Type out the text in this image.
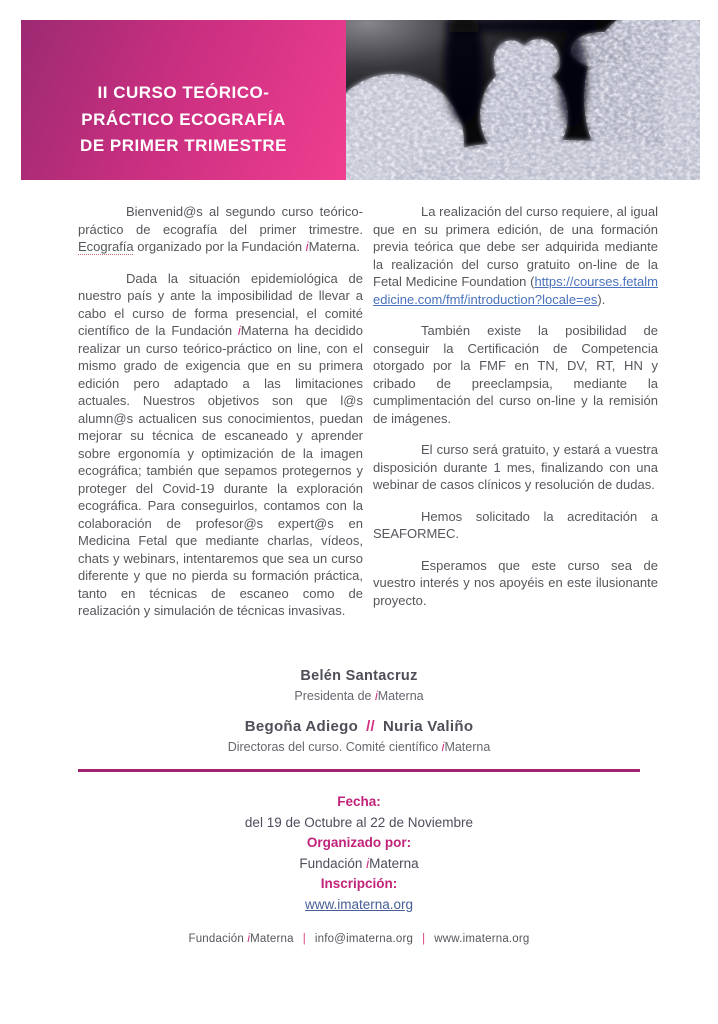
II CURSO TEÓRICO-
PRÁCTICO ECOGRAFÍA
DE PRIMER TRIMESTRE

Bienvenid@s al segundo curso teórico-práctico de ecografía del primer trimestre. Ecografía organizado por la Fundación iMaterna.

Dada la situación epidemiológica de nuestro país y ante la imposibilidad de llevar a cabo el curso de forma presencial, el comité científico de la Fundación iMaterna ha decidido realizar un curso teórico-práctico on line, con el mismo grado de exigencia que en su primera edición pero adaptado a las limitaciones actuales. Nuestros objetivos son que l@s alumn@s actualicen sus conocimientos, puedan mejorar su técnica de escaneado y aprender sobre ergonomía y optimización de la imagen ecográfica; también que sepamos protegernos y proteger del Covid-19 durante la exploración ecográfica. Para conseguirlos, contamos con la colaboración de profesor@s expert@s en Medicina Fetal que mediante charlas, vídeos, chats y webinars, intentaremos que sea un curso diferente y que no pierda su formación práctica, tanto en técnicas de escaneo como de realización y simulación de técnicas invasivas.

La realización del curso requiere, al igual que en su primera edición, de una formación previa teórica que debe ser adquirida mediante la realización del curso gratuito on-line de la Fetal Medicine Foundation (https://courses.fetalmedicine.com/fmf/introduction?locale=es).

También existe la posibilidad de conseguir la Certificación de Competencia otorgado por la FMF en TN, DV, RT, HN y cribado de preeclampsia, mediante la cumplimentación del curso on-line y la remisión de imágenes.

El curso será gratuito, y estará a vuestra disposición durante 1 mes, finalizando con una webinar de casos clínicos y resolución de dudas.

Hemos solicitado la acreditación a SEAFORMEC.

Esperamos que este curso sea de vuestro interés y nos apoyéis en este ilusionante proyecto.

Belén Santacruz
Presidenta de iMaterna
Begoña Adiego // Nuria Valiño
Directoras del curso. Comité científico iMaterna
Fecha:
del 19 de Octubre al 22 de Noviembre
Organizado por:
Fundación iMaterna
Inscripción:
www.imaterna.org
Fundación iMaterna | info@imaterna.org | www.imaterna.org
